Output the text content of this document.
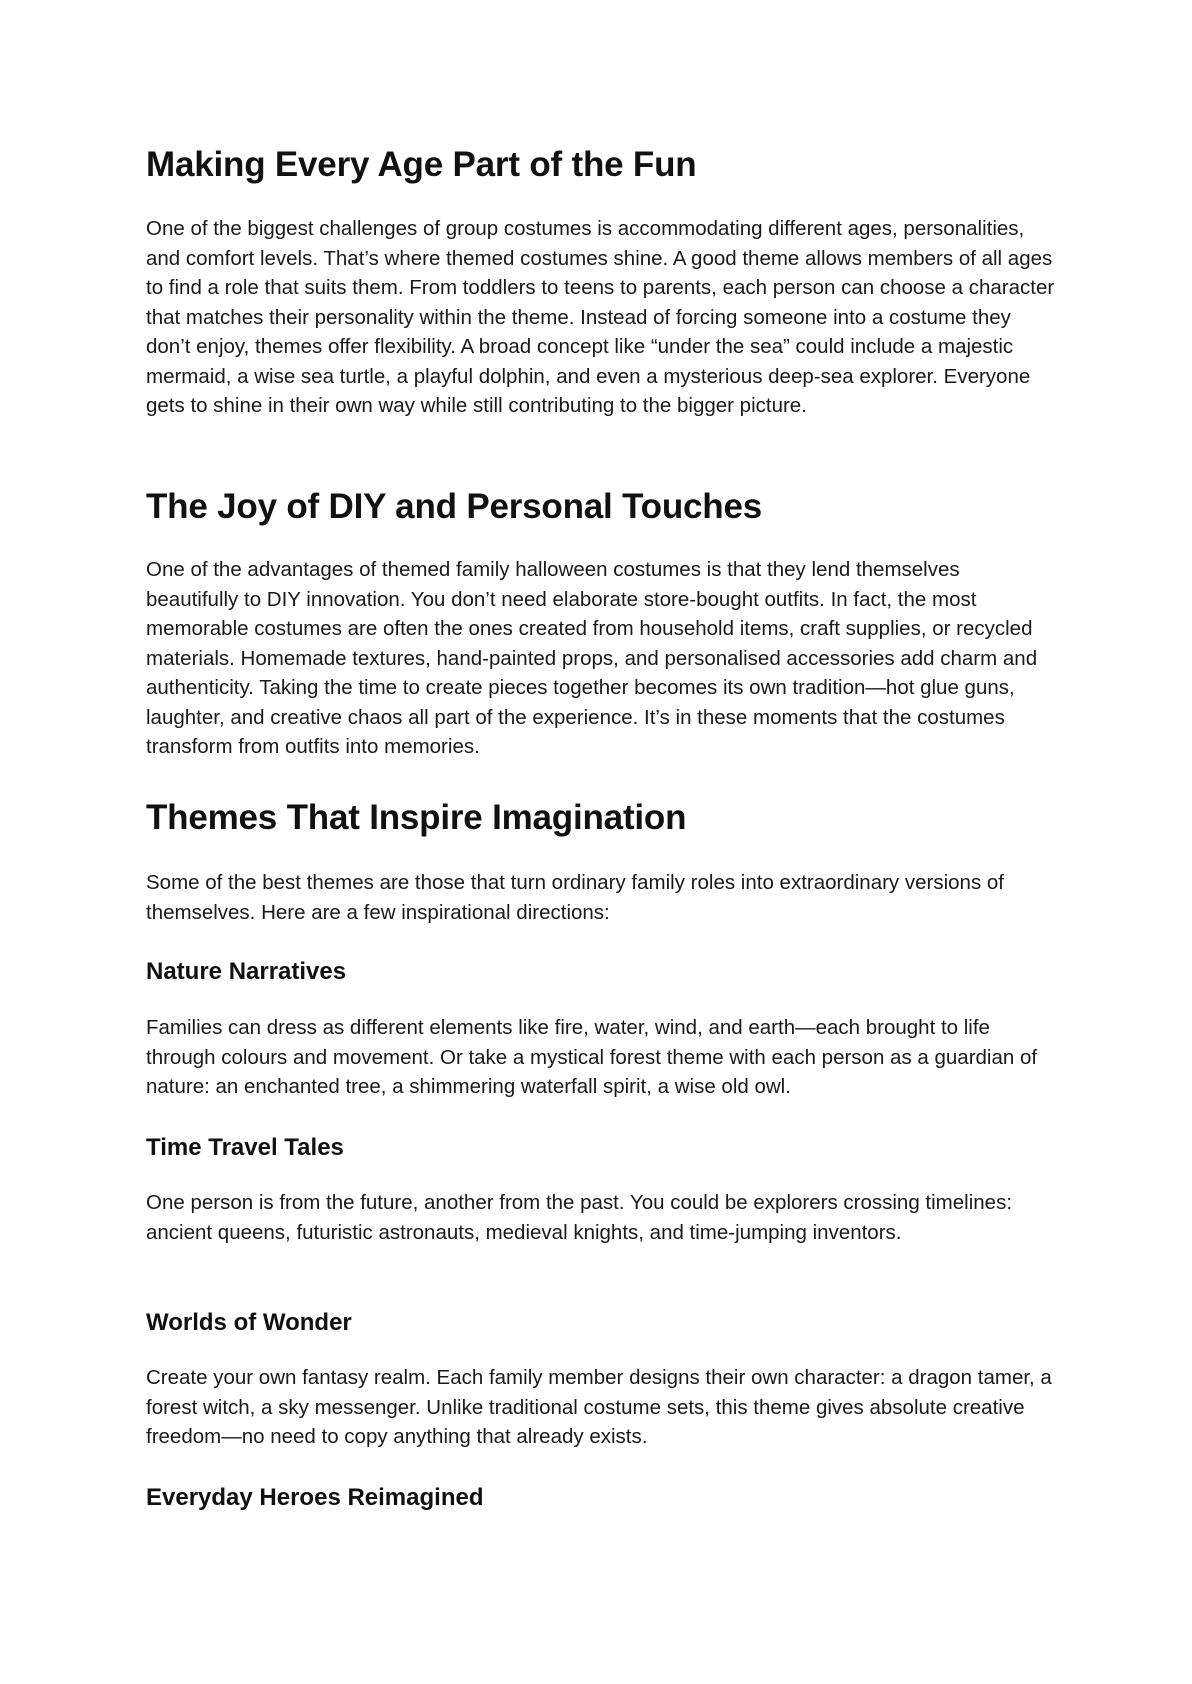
Making Every Age Part of the Fun

One of the biggest challenges of group costumes is accommodating different ages, personalities, and comfort levels. That’s where themed costumes shine. A good theme allows members of all ages to find a role that suits them. From toddlers to teens to parents, each person can choose a character that matches their personality within the theme. Instead of forcing someone into a costume they don’t enjoy, themes offer flexibility. A broad concept like “under the sea” could include a majestic mermaid, a wise sea turtle, a playful dolphin, and even a mysterious deep-sea explorer. Everyone gets to shine in their own way while still contributing to the bigger picture.

The Joy of DIY and Personal Touches

One of the advantages of themed family halloween costumes is that they lend themselves beautifully to DIY innovation. You don’t need elaborate store-bought outfits. In fact, the most memorable costumes are often the ones created from household items, craft supplies, or recycled materials. Homemade textures, hand-painted props, and personalised accessories add charm and authenticity. Taking the time to create pieces together becomes its own tradition—hot glue guns, laughter, and creative chaos all part of the experience. It’s in these moments that the costumes transform from outfits into memories.

Themes That Inspire Imagination

Some of the best themes are those that turn ordinary family roles into extraordinary versions of themselves. Here are a few inspirational directions:

Nature Narratives

Families can dress as different elements like fire, water, wind, and earth—each brought to life through colours and movement. Or take a mystical forest theme with each person as a guardian of nature: an enchanted tree, a shimmering waterfall spirit, a wise old owl.

Time Travel Tales

One person is from the future, another from the past. You could be explorers crossing timelines: ancient queens, futuristic astronauts, medieval knights, and time-jumping inventors.

Worlds of Wonder

Create your own fantasy realm. Each family member designs their own character: a dragon tamer, a forest witch, a sky messenger. Unlike traditional costume sets, this theme gives absolute creative freedom—no need to copy anything that already exists.

Everyday Heroes Reimagined
